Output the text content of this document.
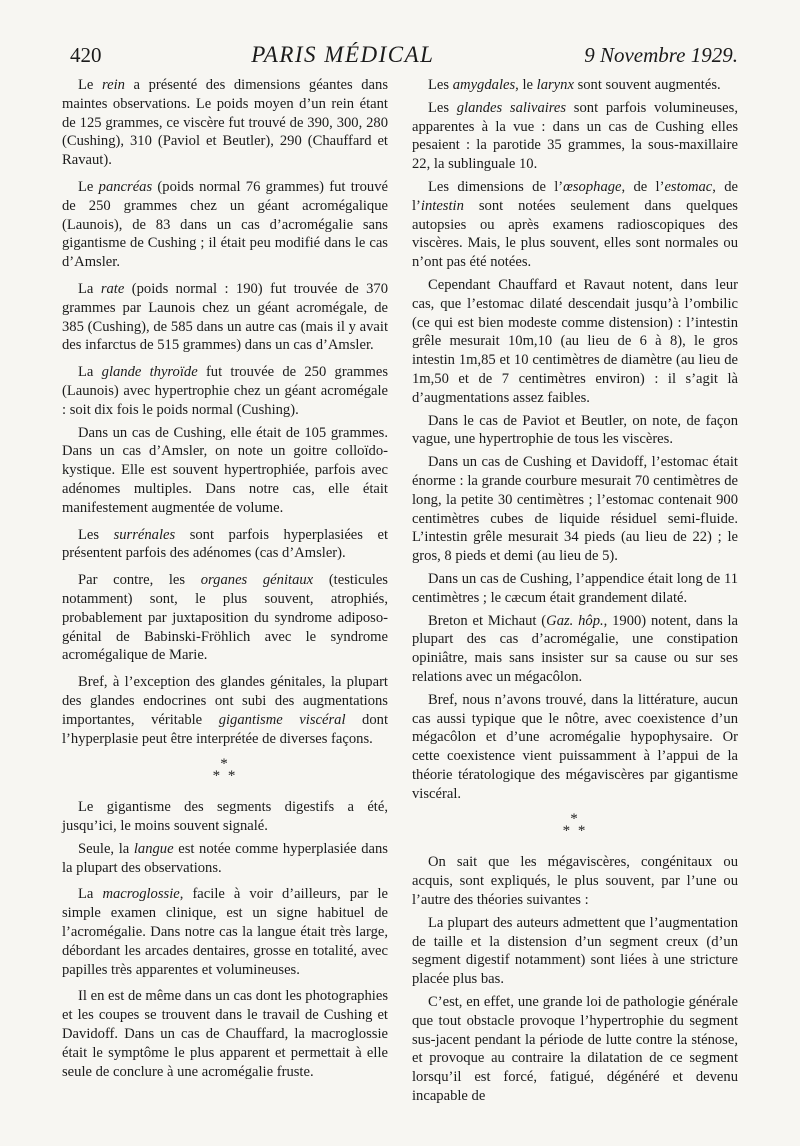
420	PARIS MÉDICAL	9 Novembre 1929.

Le rein a présenté des dimensions géantes dans maintes observations. Le poids moyen d’un rein étant de 125 grammes, ce viscère fut trouvé de 390, 300, 280 (Cushing), 310 (Paviol et Beutler), 290 (Chauffard et Ravaut).

Le pancréas (poids normal 76 grammes) fut trouvé de 250 grammes chez un géant acromégalique (Launois), de 83 dans un cas d’acromégalie sans gigantisme de Cushing ; il était peu modifié dans le cas d’Amsler.

La rate (poids normal : 190) fut trouvée de 370 grammes par Launois chez un géant acromégale, de 385 (Cushing), de 585 dans un autre cas (mais il y avait des infarctus de 515 grammes) dans un cas d’Amsler.

La glande thyroïde fut trouvée de 250 grammes (Launois) avec hypertrophie chez un géant acromégale : soit dix fois le poids normal (Cushing).

Dans un cas de Cushing, elle était de 105 grammes. Dans un cas d’Amsler, on note un goitre colloïdo-kystique. Elle est souvent hypertrophiée, parfois avec adénomes multiples. Dans notre cas, elle était manifestement augmentée de volume.

Les surrénales sont parfois hyperplasiées et présentent parfois des adénomes (cas d’Amsler).

Par contre, les organes génitaux (testicules notamment) sont, le plus souvent, atrophiés, probablement par juxtaposition du syndrome adiposo-génital de Babinski-Fröhlich avec le syndrome acromégalique de Marie.

Bref, à l’exception des glandes génitales, la plupart des glandes endocrines ont subi des augmentations importantes, véritable gigantisme viscéral dont l’hyperplasie peut être interprétée de diverses façons.

*
* *

Le gigantisme des segments digestifs a été, jusqu’ici, le moins souvent signalé.

Seule, la langue est notée comme hyperplasiée dans la plupart des observations.

La macroglossie, facile à voir d’ailleurs, par le simple examen clinique, est un signe habituel de l’acromégalie. Dans notre cas la langue était très large, débordant les arcades dentaires, grosse en totalité, avec papilles très apparentes et volumineuses.

Il en est de même dans un cas dont les photographies et les coupes se trouvent dans le travail de Cushing et Davidoff. Dans un cas de Chauffard, la macroglossie était le symptôme le plus apparent et permettait à elle seule de conclure à une acromégalie fruste.

Les amygdales, le larynx sont souvent augmentés.

Les glandes salivaires sont parfois volumineuses, apparentes à la vue : dans un cas de Cushing elles pesaient : la parotide 35 grammes, la sous-maxillaire 22, la sublinguale 10.

Les dimensions de l’œsophage, de l’estomac, de l’intestin sont notées seulement dans quelques autopsies ou après examens radioscopiques des viscères. Mais, le plus souvent, elles sont normales ou n’ont pas été notées.

Cependant Chauffard et Ravaut notent, dans leur cas, que l’estomac dilaté descendait jusqu’à l’ombilic (ce qui est bien modeste comme distension) : l’intestin grêle mesurait 10m,10 (au lieu de 6 à 8), le gros intestin 1m,85 et 10 centimètres de diamètre (au lieu de 1m,50 et de 7 centimètres environ) : il s’agit là d’augmentations assez faibles.

Dans le cas de Paviot et Beutler, on note, de façon vague, une hypertrophie de tous les viscères.

Dans un cas de Cushing et Davidoff, l’estomac était énorme : la grande courbure mesurait 70 centimètres de long, la petite 30 centimètres ; l’estomac contenait 900 centimètres cubes de liquide résiduel semi-fluide. L’intestin grêle mesurait 34 pieds (au lieu de 22) ; le gros, 8 pieds et demi (au lieu de 5).

Dans un cas de Cushing, l’appendice était long de 11 centimètres ; le cæcum était grandement dilaté.

Breton et Michaut (Gaz. hôp., 1900) notent, dans la plupart des cas d’acromégalie, une constipation opiniâtre, mais sans insister sur sa cause ou sur ses relations avec un mégacôlon.

Bref, nous n’avons trouvé, dans la littérature, aucun cas aussi typique que le nôtre, avec coexistence d’un mégacôlon et d’une acromégalie hypophysaire. Or cette coexistence vient puissamment à l’appui de la théorie tératologique des mégaviscères par gigantisme viscéral.

*
* *

On sait que les mégaviscères, congénitaux ou acquis, sont expliqués, le plus souvent, par l’une ou l’autre des théories suivantes :

La plupart des auteurs admettent que l’augmentation de taille et la distension d’un segment creux (d’un segment digestif notamment) sont liées à une stricture placée plus bas.

C’est, en effet, une grande loi de pathologie générale que tout obstacle provoque l’hypertrophie du segment sus-jacent pendant la période de lutte contre la sténose, et provoque au contraire la dilatation de ce segment lorsqu’il est forcé, fatigué, dégénéré et devenu incapable de
